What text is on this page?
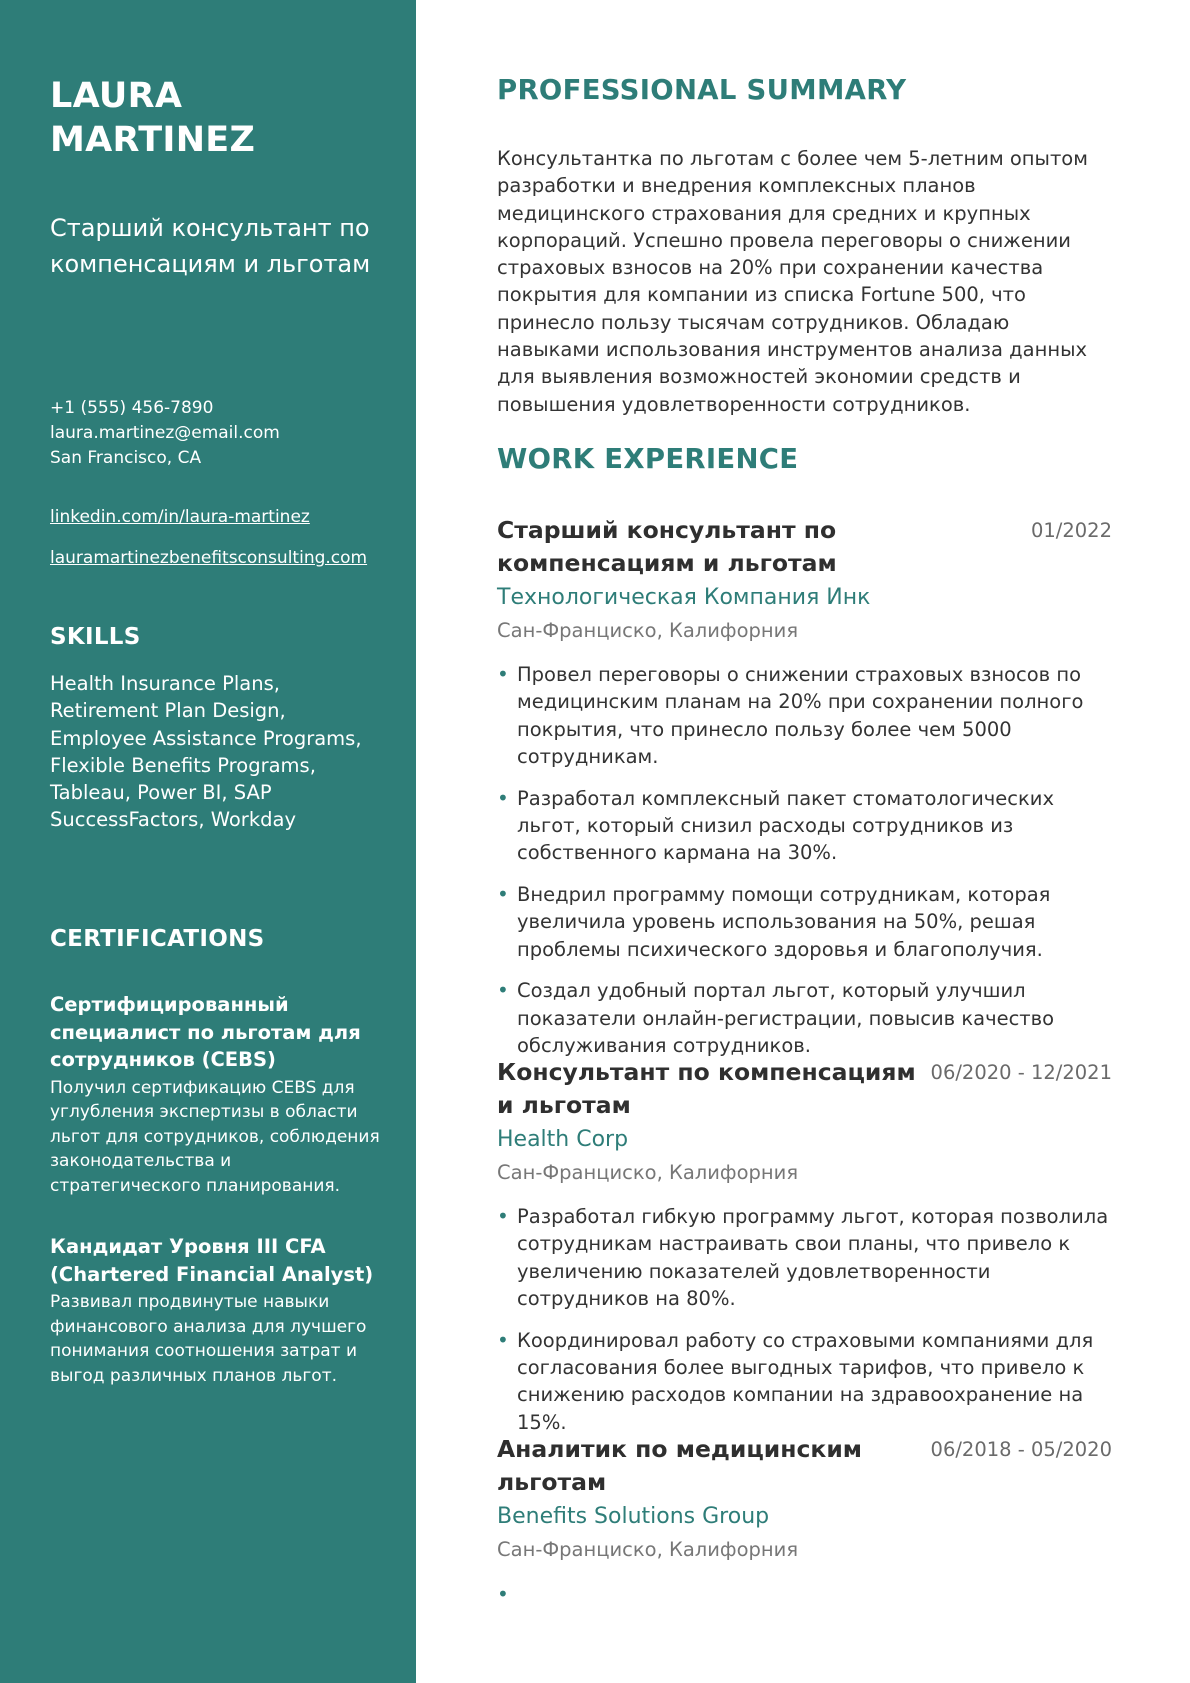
LAURA MARTINEZ
Старший консультант по компенсациям и льготам
+1 (555) 456-7890
laura.martinez@email.com
San Francisco, CA
linkedin.com/in/laura-martinez
lauramartinezbenefitsconsulting.com
SKILLS
Health Insurance Plans, Retirement Plan Design, Employee Assistance Programs, Flexible Benefits Programs, Tableau, Power BI, SAP SuccessFactors, Workday
CERTIFICATIONS
Сертифицированный специалист по льготам для сотрудников (CEBS)
Получил сертификацию CEBS для углубления экспертизы в области льгот для сотрудников, соблюдения законодательства и стратегического планирования.
Кандидат Уровня III CFA (Chartered Financial Analyst)
Развивал продвинутые навыки финансового анализа для лучшего понимания соотношения затрат и выгод различных планов льгот.
PROFESSIONAL SUMMARY
Консультантка по льготам с более чем 5-летним опытом разработки и внедрения комплексных планов медицинского страхования для средних и крупных корпораций. Успешно провела переговоры о снижении страховых взносов на 20% при сохранении качества покрытия для компании из списка Fortune 500, что принесло пользу тысячам сотрудников. Обладаю навыками использования инструментов анализа данных для выявления возможностей экономии средств и повышения удовлетворенности сотрудников.
WORK EXPERIENCE
Старший консультант по компенсациям и льготам
01/2022
Технологическая Компания Инк
Сан-Франциско, Калифорния
• Провел переговоры о снижении страховых взносов по медицинским планам на 20% при сохранении полного покрытия, что принесло пользу более чем 5000 сотрудникам.
• Разработал комплексный пакет стоматологических льгот, который снизил расходы сотрудников из собственного кармана на 30%.
• Внедрил программу помощи сотрудникам, которая увеличила уровень использования на 50%, решая проблемы психического здоровья и благополучия.
• Создал удобный портал льгот, который улучшил показатели онлайн-регистрации, повысив качество обслуживания сотрудников.
Консультант по компенсациям и льготам
06/2020 - 12/2021
Health Corp
Сан-Франциско, Калифорния
• Разработал гибкую программу льгот, которая позволила сотрудникам настраивать свои планы, что привело к увеличению показателей удовлетворенности сотрудников на 80%.
• Координировал работу со страховыми компаниями для согласования более выгодных тарифов, что привело к снижению расходов компании на здравоохранение на 15%.
Аналитик по медицинским льготам
06/2018 - 05/2020
Benefits Solutions Group
Сан-Франциско, Калифорния
•
